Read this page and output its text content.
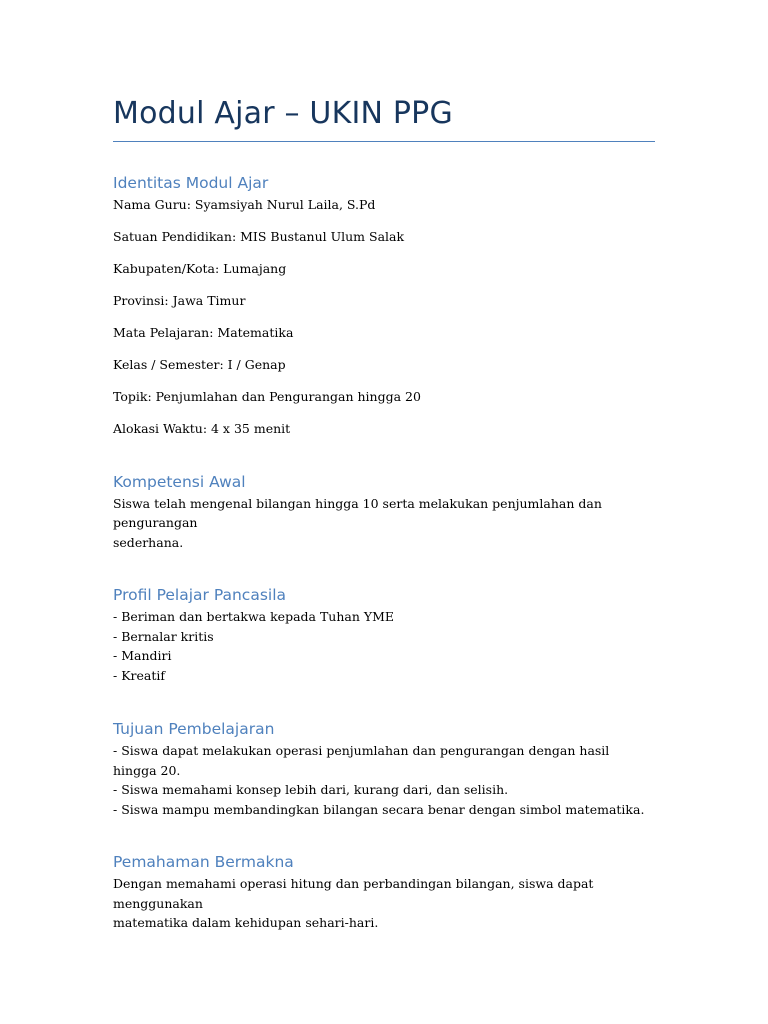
Modul Ajar – UKIN PPG
Identitas Modul Ajar
Nama Guru: Syamsiyah Nurul Laila, S.Pd
Satuan Pendidikan: MIS Bustanul Ulum Salak
Kabupaten/Kota: Lumajang
Provinsi: Jawa Timur
Mata Pelajaran: Matematika
Kelas / Semester: I / Genap
Topik: Penjumlahan dan Pengurangan hingga 20
Alokasi Waktu: 4 x 35 menit
Kompetensi Awal
Siswa telah mengenal bilangan hingga 10 serta melakukan penjumlahan dan pengurangan
sederhana.
Profil Pelajar Pancasila
- Beriman dan bertakwa kepada Tuhan YME
- Bernalar kritis
- Mandiri
- Kreatif
Tujuan Pembelajaran
- Siswa dapat melakukan operasi penjumlahan dan pengurangan dengan hasil hingga 20.
- Siswa memahami konsep lebih dari, kurang dari, dan selisih.
- Siswa mampu membandingkan bilangan secara benar dengan simbol matematika.
Pemahaman Bermakna
Dengan memahami operasi hitung dan perbandingan bilangan, siswa dapat menggunakan
matematika dalam kehidupan sehari-hari.
